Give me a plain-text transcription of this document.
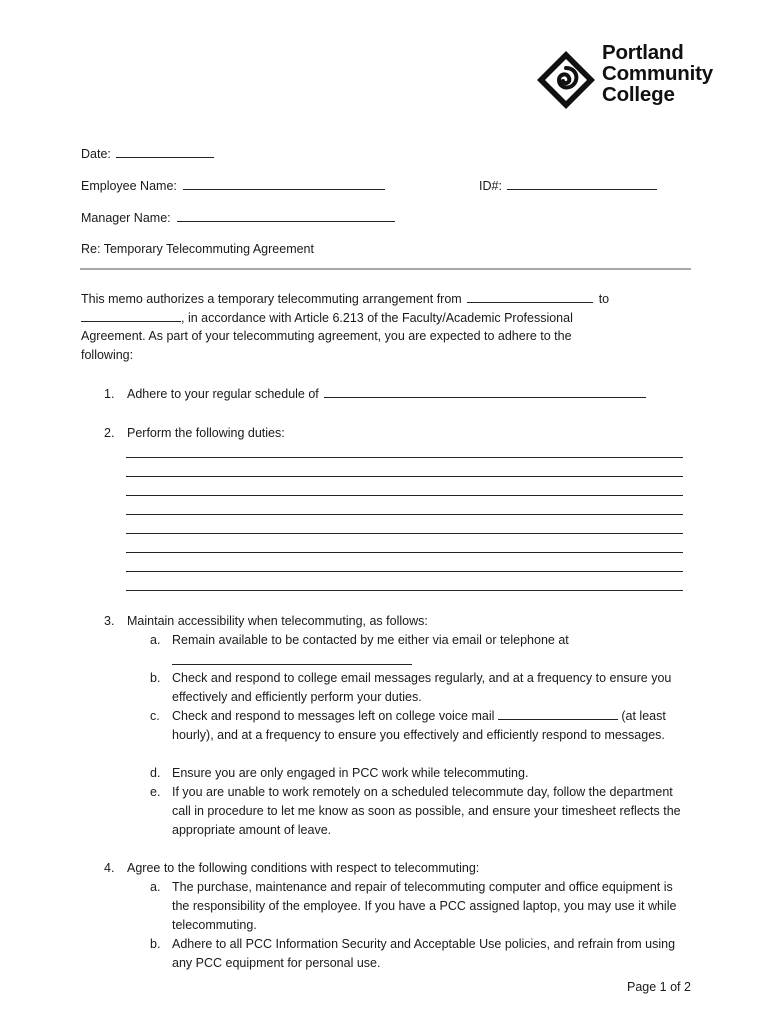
Portland
Community
College
Date:
Employee Name:	ID#:
Manager Name:
Re: Temporary Telecommuting Agreement
This memo authorizes a temporary telecommuting arrangement from	to
, in accordance with Article 6.213 of the Faculty/Academic Professional
Agreement. As part of your telecommuting agreement, you are expected to adhere to the
following:
1. Adhere to your regular schedule of
2. Perform the following duties:
3. Maintain accessibility when telecommuting, as follows:
a. Remain available to be contacted by me either via email or telephone at
b. Check and respond to college email messages regularly, and at a frequency to ensure you effectively and efficiently perform your duties.
c. Check and respond to messages left on college voice mail	(at least hourly), and at a frequency to ensure you effectively and efficiently respond to messages.
d. Ensure you are only engaged in PCC work while telecommuting.
e. If you are unable to work remotely on a scheduled telecommute day, follow the department call in procedure to let me know as soon as possible, and ensure your timesheet reflects the appropriate amount of leave.
4. Agree to the following conditions with respect to telecommuting:
a. The purchase, maintenance and repair of telecommuting computer and office equipment is the responsibility of the employee. If you have a PCC assigned laptop, you may use it while telecommuting.
b. Adhere to all PCC Information Security and Acceptable Use policies, and refrain from using any PCC equipment for personal use.
Page 1 of 2
